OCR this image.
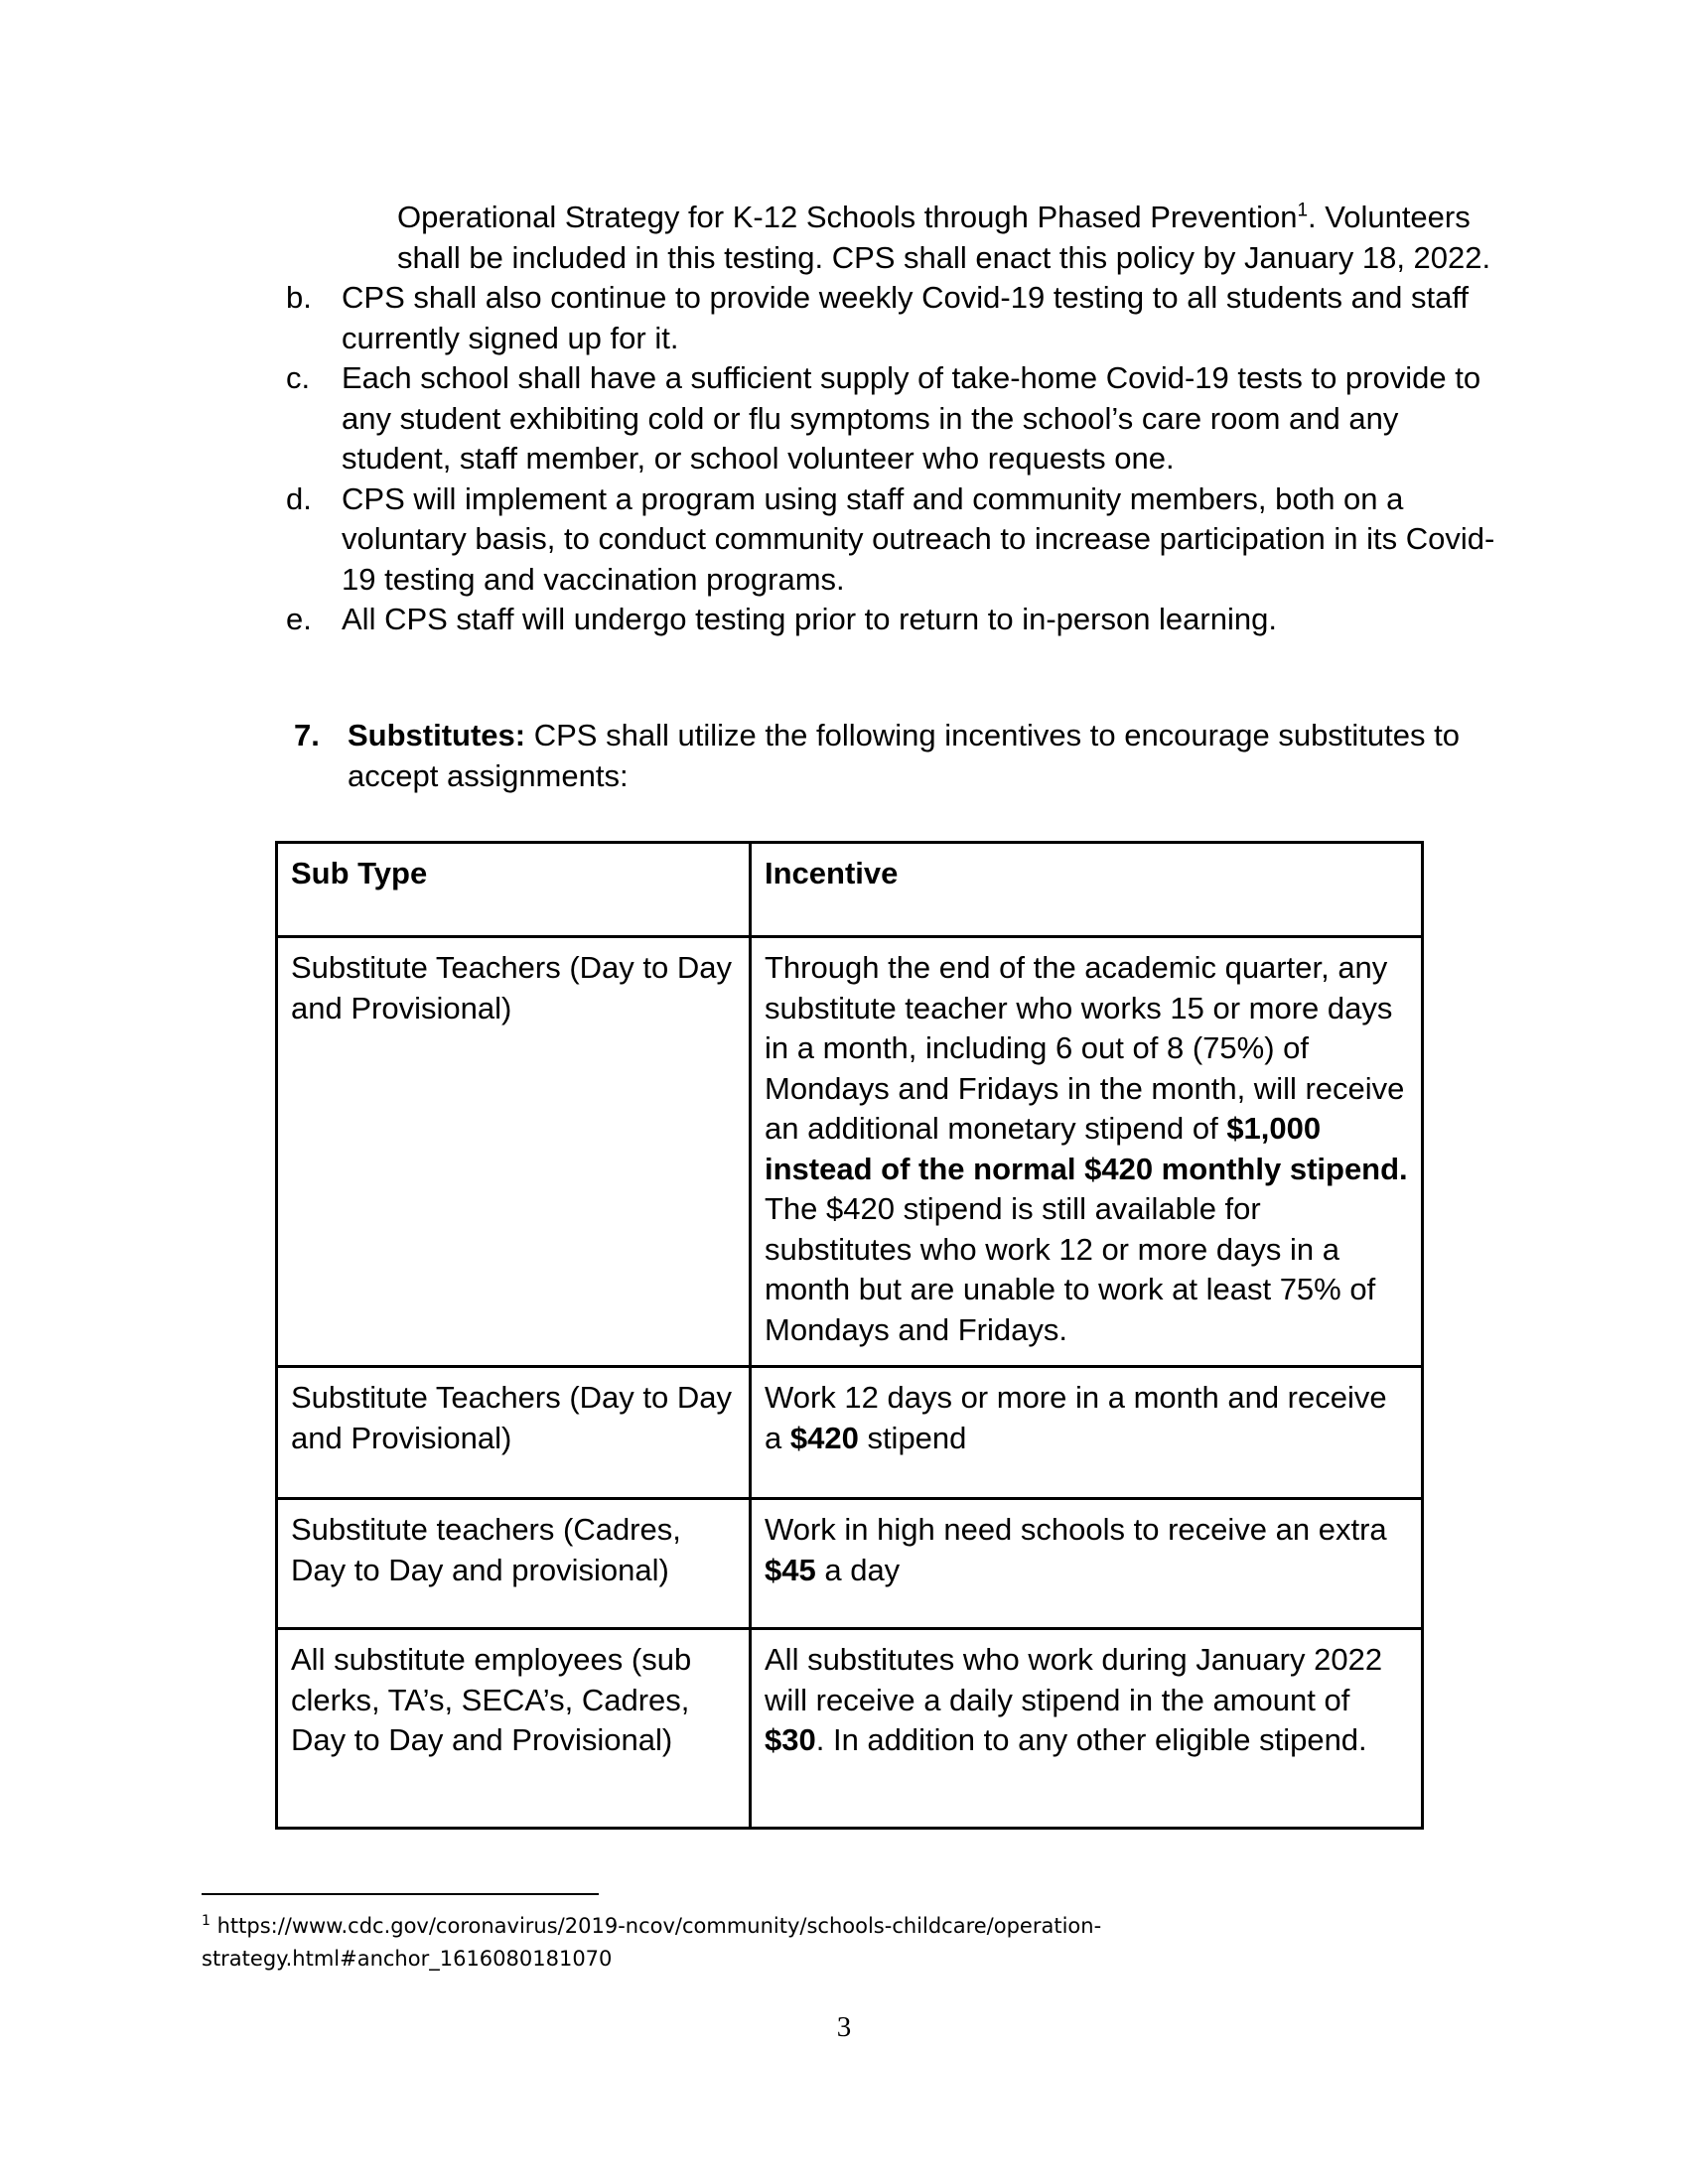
Operational Strategy for K-12 Schools through Phased Prevention$^1$. Volunteers
shall be included in this testing. CPS shall enact this policy by January 18, 2022.
b. CPS shall also continue to provide weekly Covid-19 testing to all students and staff currently signed up for it.
c. Each school shall have a sufficient supply of take-home Covid-19 tests to provide to any student exhibiting cold or flu symptoms in the school’s care room and any student, staff member, or school volunteer who requests one.
d. CPS will implement a program using staff and community members, both on a voluntary basis, to conduct community outreach to increase participation in its Covid-19 testing and vaccination programs.
e. All CPS staff will undergo testing prior to return to in-person learning.
7. Substitutes: CPS shall utilize the following incentives to encourage substitutes to accept assignments:
Sub Type	Incentive
Substitute Teachers (Day to Day and Provisional)	Through the end of the academic quarter, any substitute teacher who works 15 or more days in a month, including 6 out of 8 (75%) of Mondays and Fridays in the month, will receive an additional monetary stipend of $1,000 instead of the normal $420 monthly stipend. The $420 stipend is still available for substitutes who work 12 or more days in a month but are unable to work at least 75% of Mondays and Fridays.
Substitute Teachers (Day to Day and Provisional)	Work 12 days or more in a month and receive a $420 stipend
Substitute teachers (Cadres, Day to Day and provisional)	Work in high need schools to receive an extra $45 a day
All substitute employees (sub clerks, TA’s, SECA’s, Cadres, Day to Day and Provisional)	All substitutes who work during January 2022 will receive a daily stipend in the amount of $30. In addition to any other eligible stipend.
$^1$ https://www.cdc.gov/coronavirus/2019-ncov/community/schools-childcare/operation-
strategy.html#anchor_1616080181070
3
